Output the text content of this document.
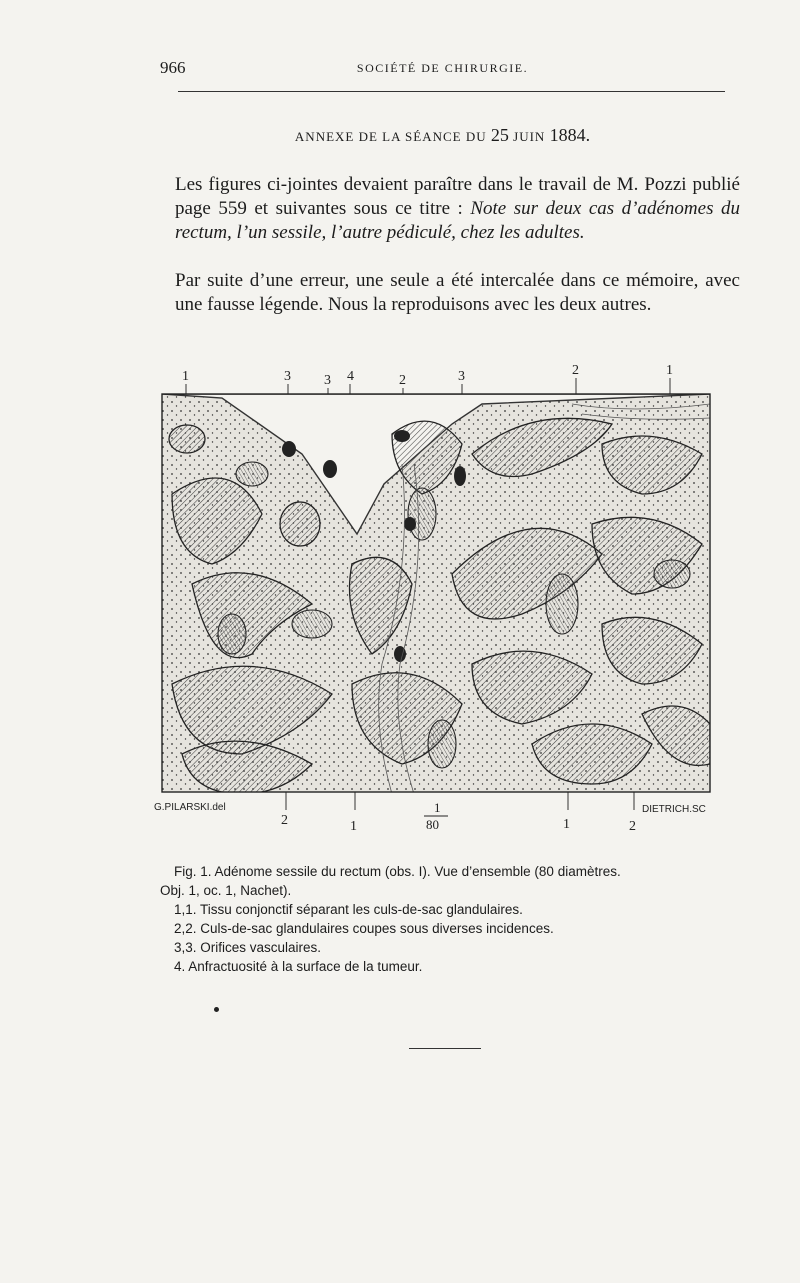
966	SOCIÉTÉ DE CHIRURGIE.
ANNEXE DE LA SÉANCE DU 25 JUIN 1884.

Les figures ci-jointes devaient paraître dans le travail de M. Pozzi publié page 559 et suivantes sous ce titre : Note sur deux cas d’adénomes du rectum, l’un sessile, l’autre pédiculé, chez les adultes.

Par suite d’une erreur, une seule a été intercalée dans ce mémoire, avec une fausse légende. Nous la reproduisons avec les deux autres.

1	3 3 4	2	3	2	1
2	1	1	2
1
80
G.PILARSKI.del	DIETRICH.SC
Fig. 1. Adénome sessile du rectum (obs. I). Vue d’ensemble (80 diamètres.
Obj. 1, oc. 1, Nachet).
1,1. Tissu conjonctif séparant les culs-de-sac glandulaires.
2,2. Culs-de-sac glandulaires coupes sous diverses incidences.
3,3. Orifices vasculaires.
4. Anfractuosité à la surface de la tumeur.
